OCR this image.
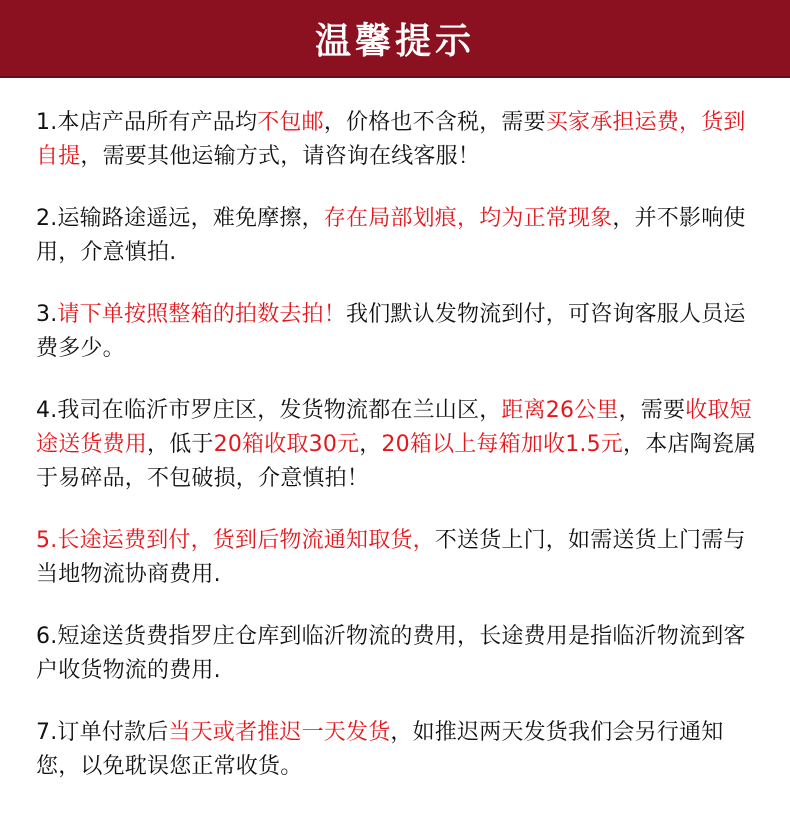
温馨提示

1.本店产品所有产品均不包邮，价格也不含税，需要买家承担运费，货到自提，需要其他运输方式，请咨询在线客服！

2.运输路途遥远，难免摩擦，存在局部划痕，均为正常现象，并不影响使用，介意慎拍.

3.请下单按照整箱的拍数去拍！我们默认发物流到付，可咨询客服人员运费多少。

4.我司在临沂市罗庄区，发货物流都在兰山区，距离26公里，需要收取短途送货费用，低于20箱收取30元，20箱以上每箱加收1.5元，本店陶瓷属于易碎品，不包破损，介意慎拍！

5.长途运费到付，货到后物流通知取货，不送货上门，如需送货上门需与当地物流协商费用.

6.短途送货费指罗庄仓库到临沂物流的费用，长途费用是指临沂物流到客户收货物流的费用.

7.订单付款后当天或者推迟一天发货，如推迟两天发货我们会另行通知您，以免耽误您正常收货。
